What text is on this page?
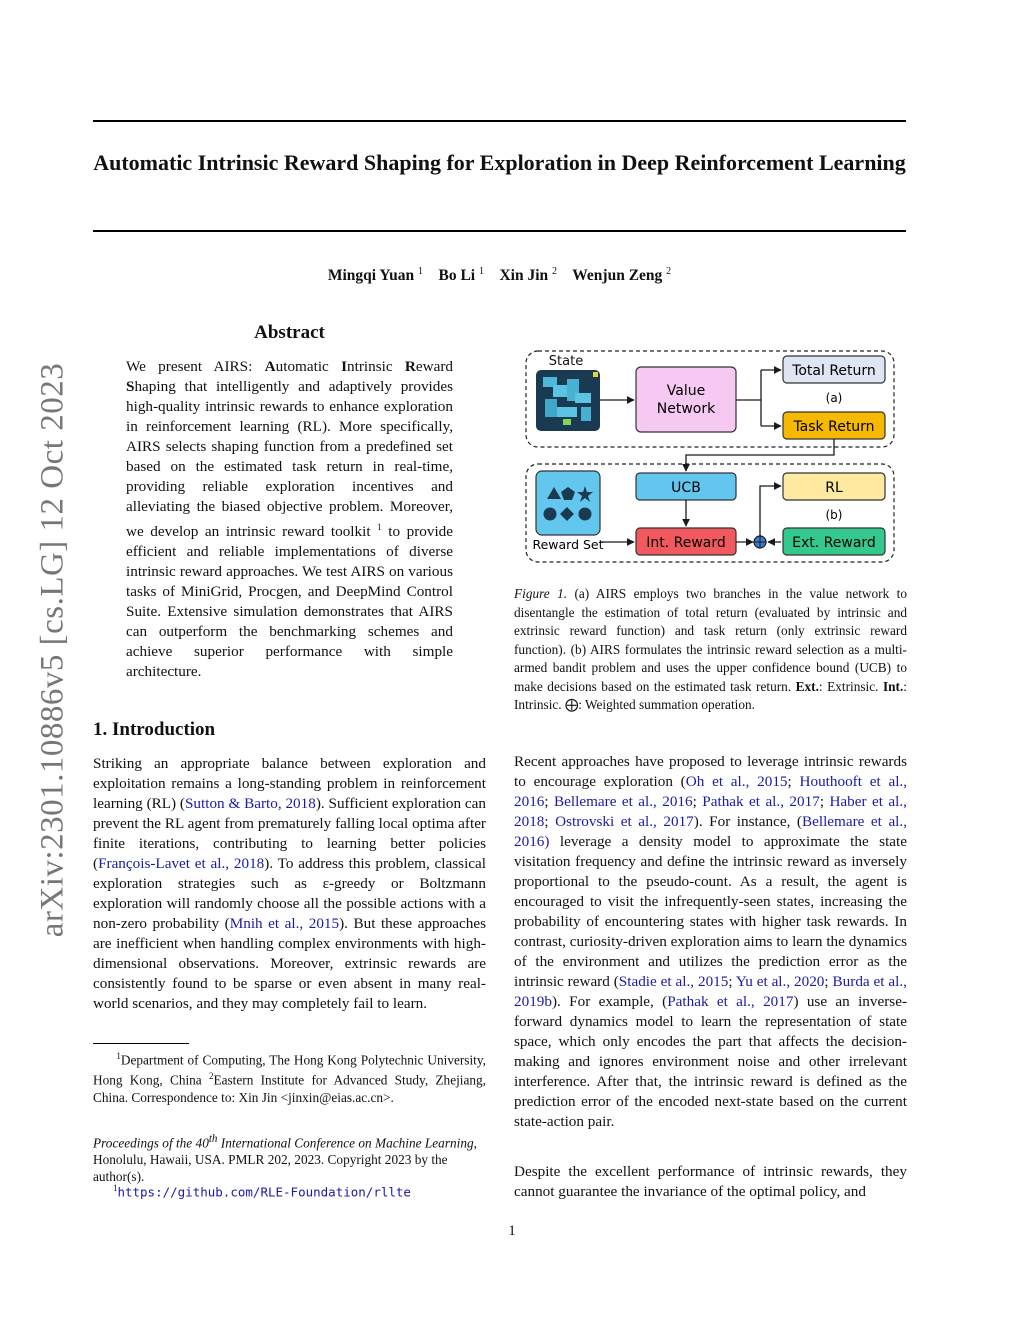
arXiv:2301.10886v5 [cs.LG] 12 Oct 2023
Automatic Intrinsic Reward Shaping for Exploration in Deep Reinforcement Learning
Mingqi Yuan $^1$ Bo Li $^1$ Xin Jin $^2$ Wenjun Zeng $^2$
Abstract
We present AIRS: Automatic Intrinsic Reward Shaping that intelligently and adaptively provides high-quality intrinsic rewards to enhance exploration in reinforcement learning (RL). More specifically, AIRS selects shaping function from a predefined set based on the estimated task return in real-time, providing reliable exploration incentives and alleviating the biased objective problem. Moreover, we develop an intrinsic reward toolkit $^1$ to provide efficient and reliable implementations of diverse intrinsic reward approaches. We test AIRS on various tasks of MiniGrid, Procgen, and DeepMind Control Suite. Extensive simulation demonstrates that AIRS can outperform the benchmarking schemes and achieve superior performance with simple architecture.
1. Introduction

Striking an appropriate balance between exploration and exploitation remains a long-standing problem in reinforcement learning (RL) (Sutton & Barto, 2018). Sufficient exploration can prevent the RL agent from prematurely falling local optima after finite iterations, contributing to learning better policies (François-Lavet et al., 2018). To address this problem, classical exploration strategies such as ε-greedy or Boltzmann exploration will randomly choose all the possible actions with a non-zero probability (Mnih et al., 2015). But these approaches are inefficient when handling complex environments with high-dimensional observations. Moreover, extrinsic rewards are consistently found to be sparse or even absent in many real-world scenarios, and they may completely fail to learn.

$^1$Department of Computing, The Hong Kong Polytechnic University, Hong Kong, China $^2$Eastern Institute for Advanced Study, Zhejiang, China. Correspondence to: Xin Jin <jinxin@eias.ac.cn>.
Proceedings of the 40th International Conference on Machine Learning, Honolulu, Hawaii, USA. PMLR 202, 2023. Copyright 2023 by the author(s).
$^1$https://github.com/RLE-Foundation/rllte
State
Value
Network
Total Return
(a)
Task Return
UCB	RL
(b)
Reward Set	Int. Reward	Ext. Reward
Figure 1. (a) AIRS employs two branches in the value network to disentangle the estimation of total return (evaluated by intrinsic and extrinsic reward function) and task return (only extrinsic reward function). (b) AIRS formulates the intrinsic reward selection as a multi-armed bandit problem and uses the upper confidence bound (UCB) to make decisions based on the estimated task return. Ext.: Extrinsic. Int.: Intrinsic. ⨁: Weighted summation operation.

Recent approaches have proposed to leverage intrinsic rewards to encourage exploration (Oh et al., 2015; Houthooft et al., 2016; Bellemare et al., 2016; Pathak et al., 2017; Haber et al., 2018; Ostrovski et al., 2017). For instance, (Bellemare et al., 2016) leverage a density model to approximate the state visitation frequency and define the intrinsic reward as inversely proportional to the pseudo-count. As a result, the agent is encouraged to visit the infrequently-seen states, increasing the probability of encountering states with higher task rewards. In contrast, curiosity-driven exploration aims to learn the dynamics of the environment and utilizes the prediction error as the intrinsic reward (Stadie et al., 2015; Yu et al., 2020; Burda et al., 2019b). For example, (Pathak et al., 2017) use an inverse-forward dynamics model to learn the representation of state space, which only encodes the part that affects the decision-making and ignores environment noise and other irrelevant interference. After that, the intrinsic reward is defined as the prediction error of the encoded next-state based on the current state-action pair.

Despite the excellent performance of intrinsic rewards, they cannot guarantee the invariance of the optimal policy, and

1
